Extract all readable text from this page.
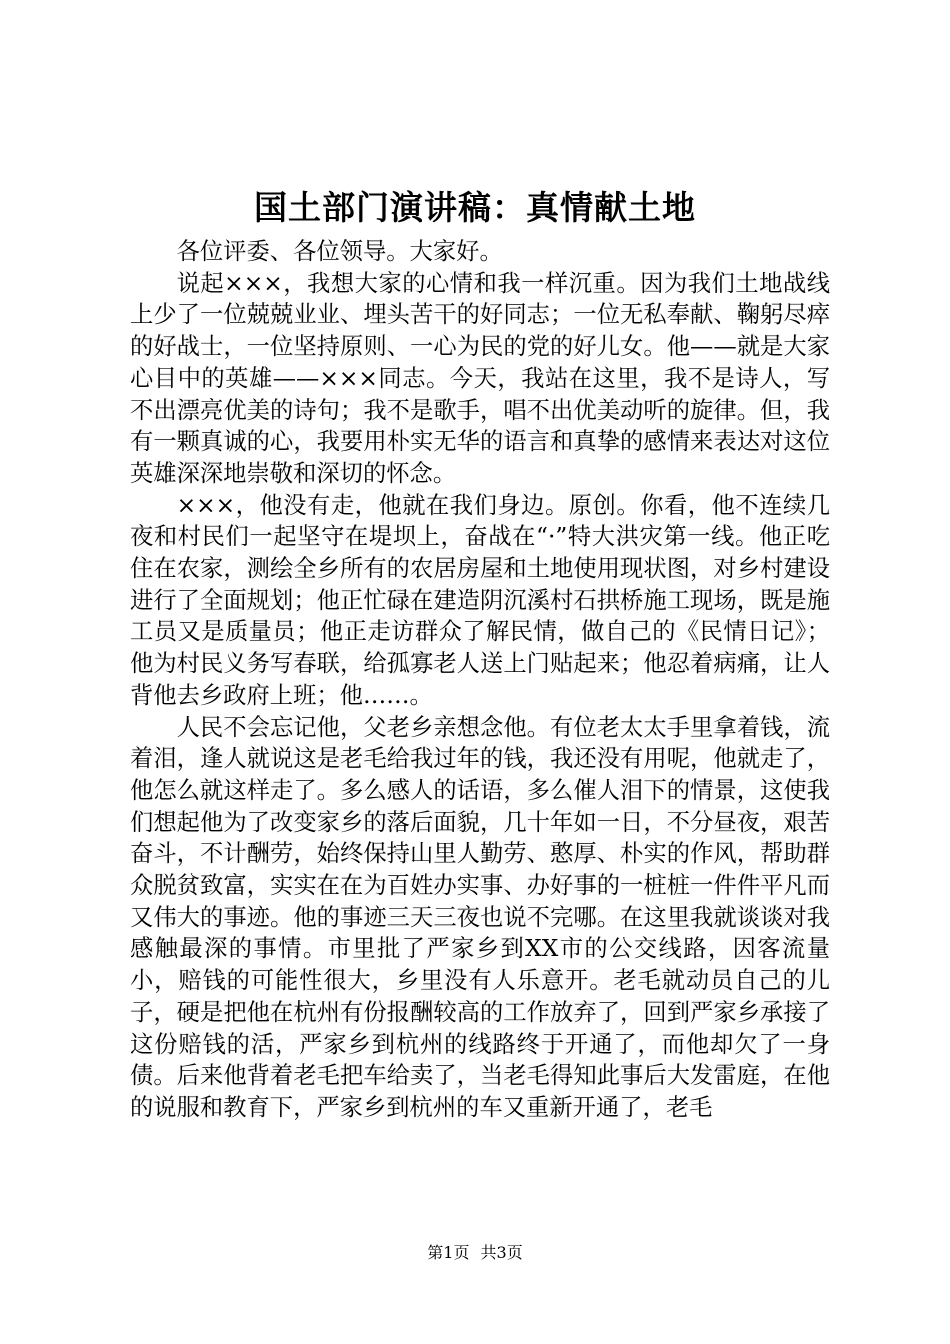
国土部门演讲稿：真情献土地

各位评委、各位领导。大家好。

说起×××，我想大家的心情和我一样沉重。因为我们土地战线上少了一位兢兢业业、埋头苦干的好同志；一位无私奉献、鞠躬尽瘁的好战士，一位坚持原则、一心为民的党的好儿女。他——就是大家心目中的英雄——×××同志。今天，我站在这里，我不是诗人，写不出漂亮优美的诗句；我不是歌手，唱不出优美动听的旋律。但，我有一颗真诚的心，我要用朴实无华的语言和真挚的感情来表达对这位英雄深深地崇敬和深切的怀念。

×××，他没有走，他就在我们身边。原创。你看，他不连续几夜和村民们一起坚守在堤坝上，奋战在“·”特大洪灾第一线。他正吃住在农家，测绘全乡所有的农居房屋和土地使用现状图，对乡村建设进行了全面规划；他正忙碌在建造阴沉溪村石拱桥施工现场，既是施工员又是质量员；他正走访群众了解民情，做自己的《民情日记》；他为村民义务写春联，给孤寡老人送上门贴起来；他忍着病痛，让人背他去乡政府上班；他……。

人民不会忘记他，父老乡亲想念他。有位老太太手里拿着钱，流着泪，逢人就说这是老毛给我过年的钱，我还没有用呢，他就走了，他怎么就这样走了。多么感人的话语，多么催人泪下的情景，这使我们想起他为了改变家乡的落后面貌，几十年如一日，不分昼夜，艰苦奋斗，不计酬劳，始终保持山里人勤劳、憨厚、朴实的作风，帮助群众脱贫致富，实实在在为百姓办实事、办好事的一桩桩一件件平凡而又伟大的事迹。他的事迹三天三夜也说不完哪。在这里我就谈谈对我感触最深的事情。市里批了严家乡到XX市的公交线路，因客流量小，赔钱的可能性很大，乡里没有人乐意开。老毛就动员自己的儿子，硬是把他在杭州有份报酬较高的工作放弃了，回到严家乡承接了这份赔钱的活，严家乡到杭州的线路终于开通了，而他却欠了一身债。后来他背着老毛把车给卖了，当老毛得知此事后大发雷庭，在他的说服和教育下，严家乡到杭州的车又重新开通了，老毛

第1页 共3页
